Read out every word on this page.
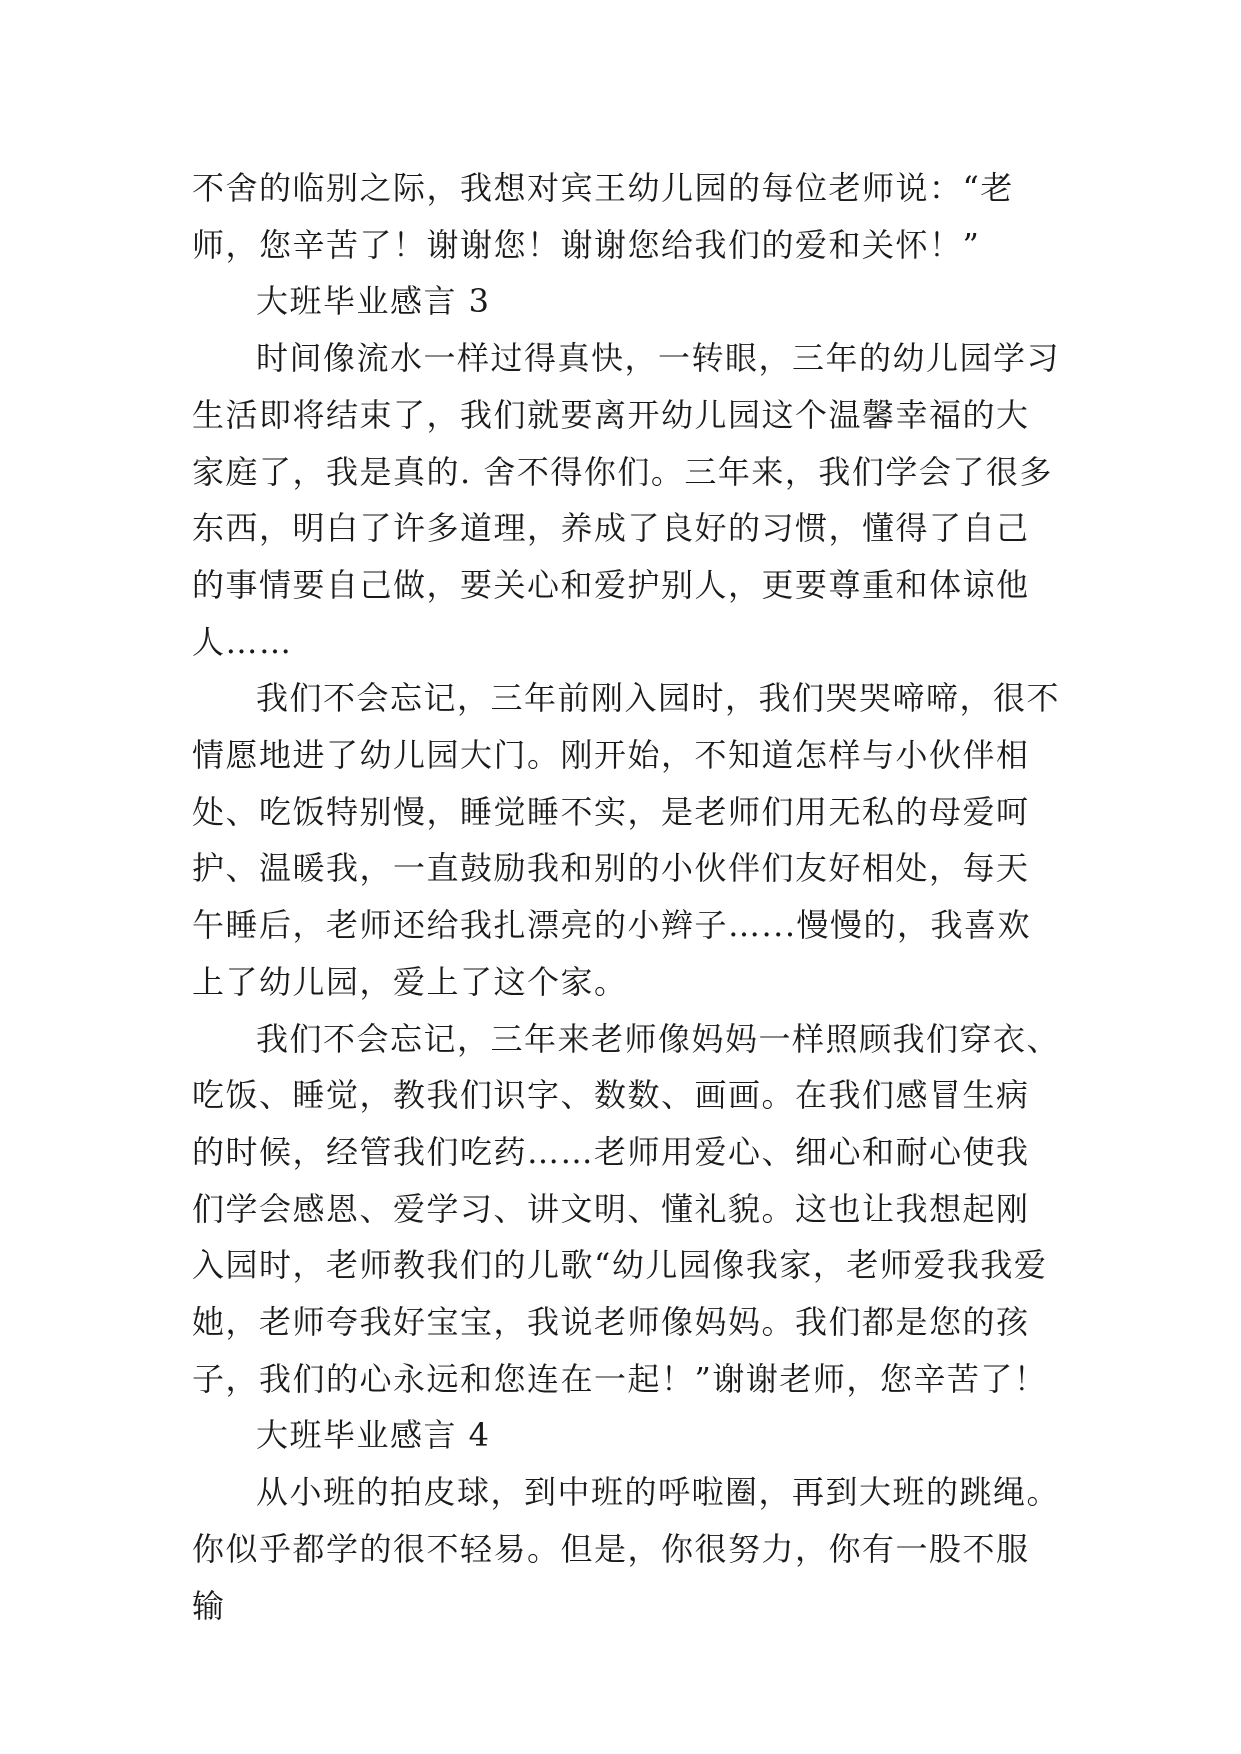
不舍的临别之际，我想对宾王幼儿园的每位老师说：“老师，您辛苦了！谢谢您！谢谢您给我们的爱和关怀！”

大班毕业感言 3

时间像流水一样过得真快，一转眼，三年的幼儿园学习生活即将结束了，我们就要离开幼儿园这个温馨幸福的大家庭了，我是真的. 舍不得你们。三年来，我们学会了很多东西，明白了许多道理，养成了良好的习惯，懂得了自己的事情要自己做，要关心和爱护别人，更要尊重和体谅他人……

我们不会忘记，三年前刚入园时，我们哭哭啼啼，很不情愿地进了幼儿园大门。刚开始，不知道怎样与小伙伴相处、吃饭特别慢，睡觉睡不实，是老师们用无私的母爱呵护、温暖我，一直鼓励我和别的小伙伴们友好相处，每天午睡后，老师还给我扎漂亮的小辫子…...慢慢的，我喜欢上了幼儿园，爱上了这个家。

我们不会忘记，三年来老师像妈妈一样照顾我们穿衣、吃饭、睡觉，教我们识字、数数、画画。在我们感冒生病的时候，经管我们吃药……老师用爱心、细心和耐心使我们学会感恩、爱学习、讲文明、懂礼貌。这也让我想起刚入园时，老师教我们的儿歌“幼儿园像我家，老师爱我我爱她，老师夸我好宝宝，我说老师像妈妈。我们都是您的孩子，我们的心永远和您连在一起！”谢谢老师，您辛苦了！

大班毕业感言 4

从小班的拍皮球，到中班的呼啦圈，再到大班的跳绳。你似乎都学的很不轻易。但是，你很努力，你有一股不服输
